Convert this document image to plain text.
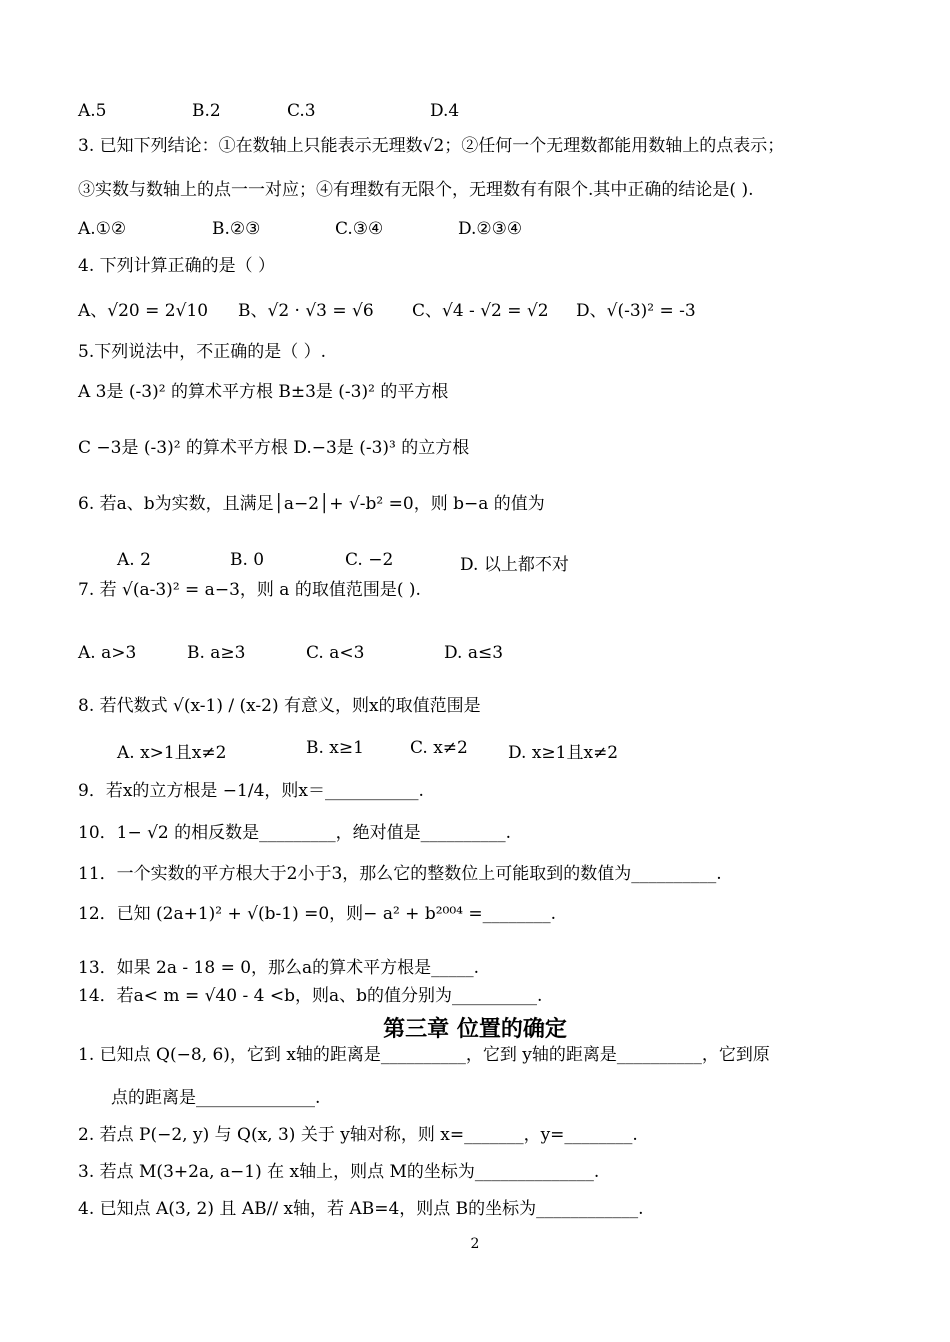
A.5	B.2	C.3	D.4
3. 已知下列结论：①在数轴上只能表示无理数√2；②任何一个无理数都能用数轴上的点表示；
③实数与数轴上的点一一对应；④有理数有无限个，无理数有有限个.其中正确的结论是( ).
A.①②	B.②③	C.③④	D.②③④
4. 下列计算正确的是（ ）
A、√20 = 2√10 B、√2 · √3 = √6 C、√4 - √2 = √2 D、√(-3)² = -3
5.下列说法中，不正确的是（ ）.
A 3是 (-3)² 的算术平方根 B±3是 (-3)² 的平方根
C −3是 (-3)² 的算术平方根 D.−3是 (-3)³ 的立方根
6. 若a、b为实数，且满足│a−2│+ √-b² =0，则 b−a 的值为
A. 2	B. 0	C. −2	D. 以上都不对
7. 若 √(a-3)² = a−3，则 a 的取值范围是( ).
A. a>3	B. a≥3	C. a<3	D. a≤3
8. 若代数式 √(x-1) / (x-2) 有意义，则x的取值范围是
A. x>1且x≠2	B. x≥1	C. x≠2 D. x≥1且x≠2
9．若x的立方根是 −1/4，则x＝___________.
10．1− √2 的相反数是_________，绝对值是__________.
11．一个实数的平方根大于2小于3，那么它的整数位上可能取到的数值为__________.
12．已知 (2a+1)² + √(b-1) =0，则− a² + b²⁰⁰⁴ =________.
13．如果 2a - 18 = 0，那么a的算术平方根是_____.
14．若a< m = √40 - 4 <b，则a、b的值分别为__________.
第三章 位置的确定
1. 已知点 Q(−8, 6)，它到 x轴的距离是__________，它到 y轴的距离是__________，它到原
点的距离是______________.
2. 若点 P(−2, y) 与 Q(x, 3) 关于 y轴对称，则 x=_______，y=________.
3. 若点 M(3+2a, a−1) 在 x轴上，则点 M的坐标为______________.
4. 已知点 A(3, 2) 且 AB// x轴，若 AB=4，则点 B的坐标为____________.
2
